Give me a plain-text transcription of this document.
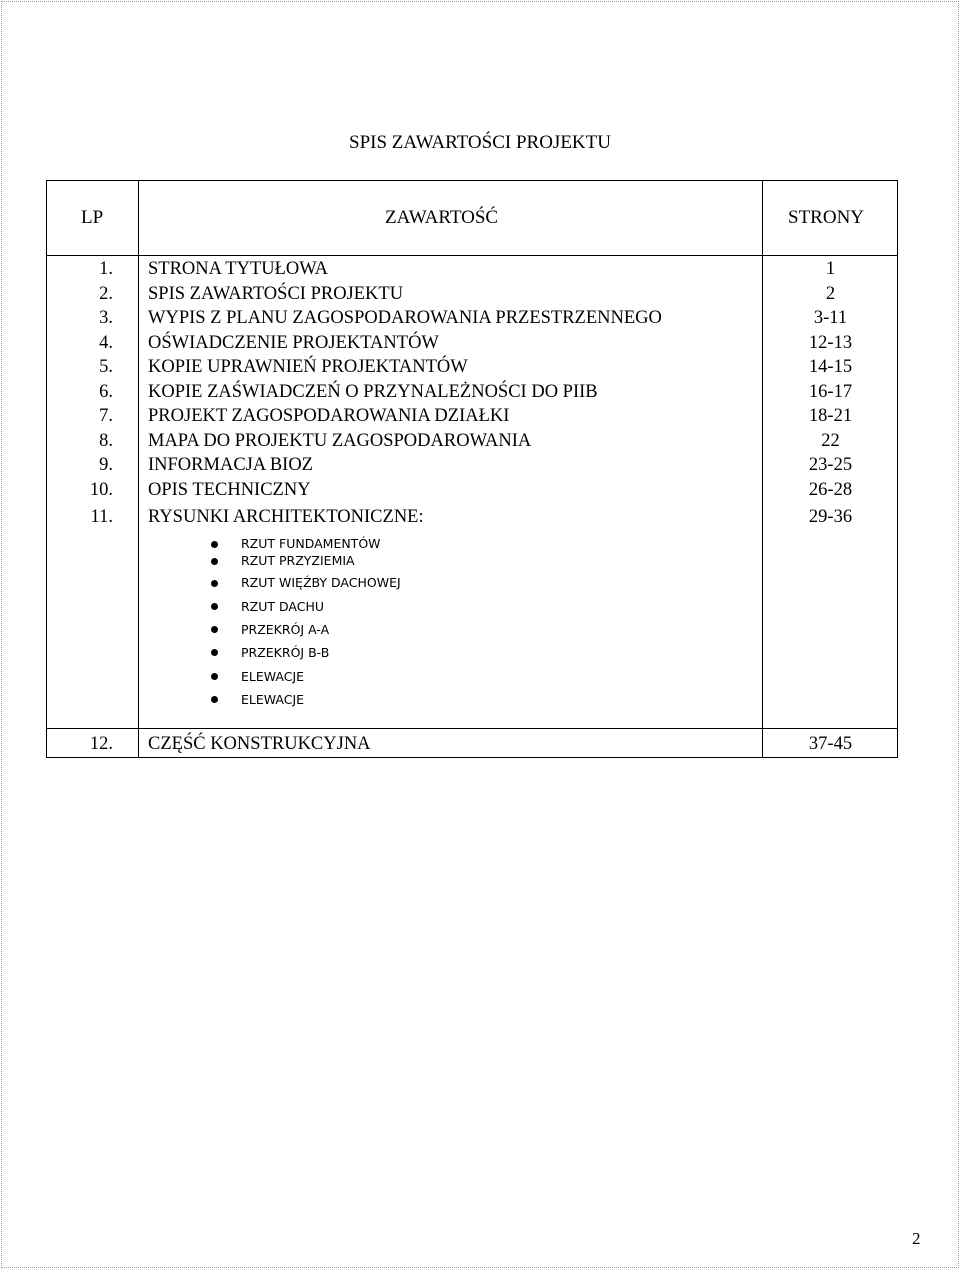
SPIS ZAWARTOŚCI PROJEKTU
LP	ZAWARTOŚĆ	STRONY
1. STRONA TYTUŁOWA	1
2. SPIS ZAWARTOŚCI PROJEKTU	2
3. WYPIS Z PLANU ZAGOSPODAROWANIA PRZESTRZENNEGO	3-11
4. OŚWIADCZENIE PROJEKTANTÓW	12-13
5. KOPIE UPRAWNIEŃ PROJEKTANTÓW	14-15
6. KOPIE ZAŚWIADCZEŃ O PRZYNALEŻNOŚCI DO PIIB	16-17
7. PROJEKT ZAGOSPODAROWANIA DZIAŁKI	18-21
8. MAPA DO PROJEKTU ZAGOSPODAROWANIA	22
9. INFORMACJA BIOZ	23-25
10. OPIS TECHNICZNY	26-28
11. RYSUNKI ARCHITEKTONICZNE:	29-36
RZUT FUNDAMENTÓW
RZUT PRZYZIEMIA
RZUT WIĘŹBY DACHOWEJ
RZUT DACHU
PRZEKRÓJ A-A
PRZEKRÓJ B-B
ELEWACJE
ELEWACJE
12. CZĘŚĆ KONSTRUKCYJNA	37-45
2
